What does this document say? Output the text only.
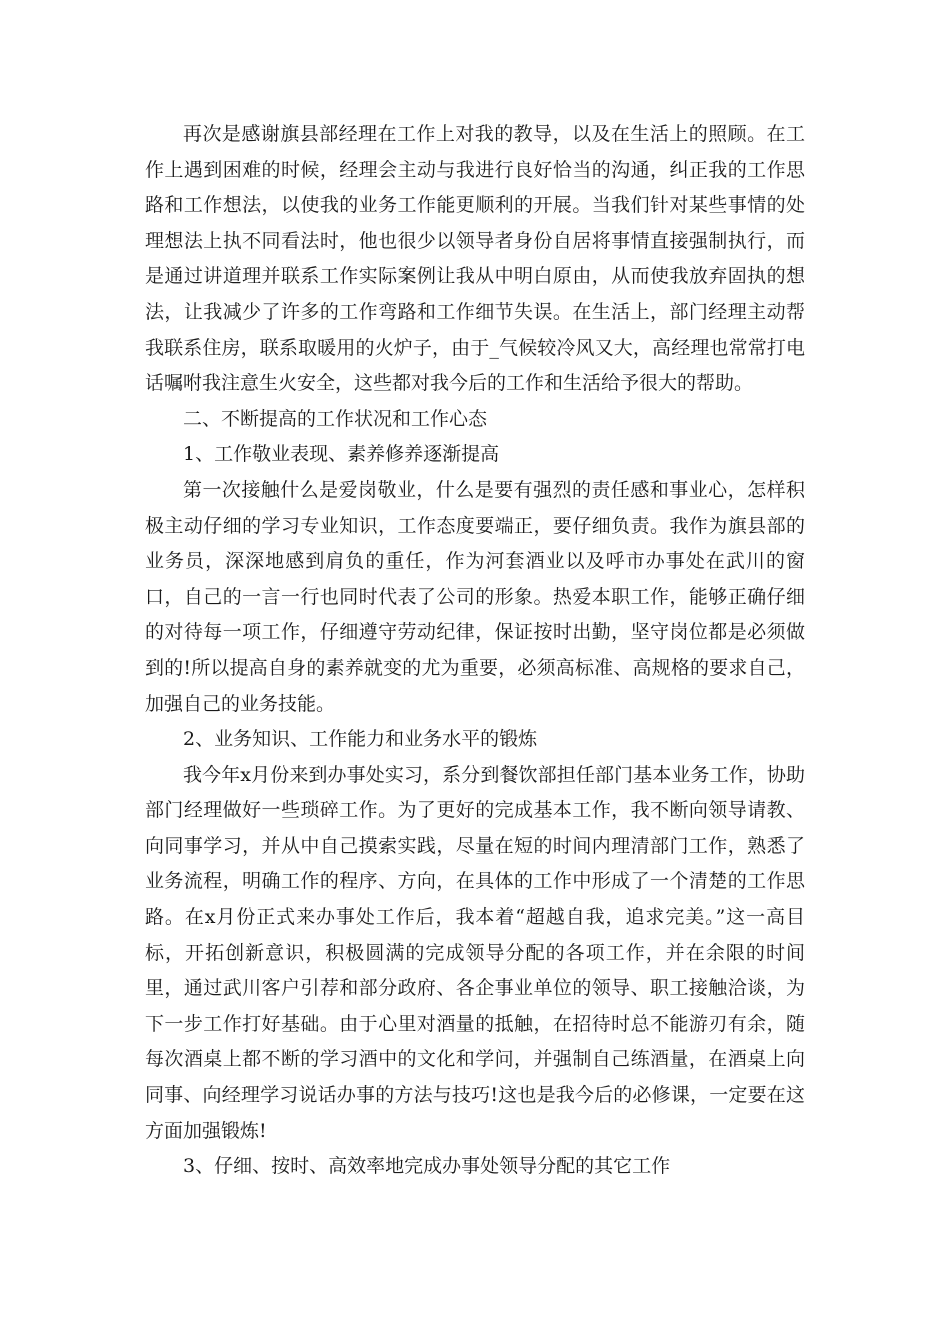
再次是感谢旗县部经理在工作上对我的教导，以及在生活上的照顾。在工作上遇到困难的时候，经理会主动与我进行良好恰当的沟通，纠正我的工作思路和工作想法，以使我的业务工作能更顺利的开展。当我们针对某些事情的处理想法上执不同看法时，他也很少以领导者身份自居将事情直接强制执行，而是通过讲道理并联系工作实际案例让我从中明白原由，从而使我放弃固执的想法，让我减少了许多的工作弯路和工作细节失误。在生活上，部门经理主动帮我联系住房，联系取暖用的火炉子，由于_气候较冷风又大，高经理也常常打电话嘱咐我注意生火安全，这些都对我今后的工作和生活给予很大的帮助。

二、不断提高的工作状况和工作心态

1、工作敬业表现、素养修养逐渐提高

第一次接触什么是爱岗敬业，什么是要有强烈的责任感和事业心，怎样积极主动仔细的学习专业知识，工作态度要端正，要仔细负责。我作为旗县部的业务员，深深地感到肩负的重任，作为河套酒业以及呼市办事处在武川的窗口，自己的一言一行也同时代表了公司的形象。热爱本职工作，能够正确仔细的对待每一项工作，仔细遵守劳动纪律，保证按时出勤，坚守岗位都是必须做到的!所以提高自身的素养就变的尤为重要，必须高标准、高规格的要求自己，加强自己的业务技能。

2、业务知识、工作能力和业务水平的锻炼

我今年x月份来到办事处实习，系分到餐饮部担任部门基本业务工作，协助部门经理做好一些琐碎工作。为了更好的完成基本工作，我不断向领导请教、向同事学习，并从中自己摸索实践，尽量在短的时间内理清部门工作，熟悉了业务流程，明确工作的程序、方向，在具体的工作中形成了一个清楚的工作思路。在x月份正式来办事处工作后，我本着“超越自我，追求完美。”这一高目标，开拓创新意识，积极圆满的完成领导分配的各项工作，并在余限的时间里，通过武川客户引荐和部分政府、各企事业单位的领导、职工接触洽谈，为下一步工作打好基础。由于心里对酒量的抵触，在招待时总不能游刃有余，随每次酒桌上都不断的学习酒中的文化和学问，并强制自己练酒量，在酒桌上向同事、向经理学习说话办事的方法与技巧!这也是我今后的必修课，一定要在这方面加强锻炼!

3、仔细、按时、高效率地完成办事处领导分配的其它工作
